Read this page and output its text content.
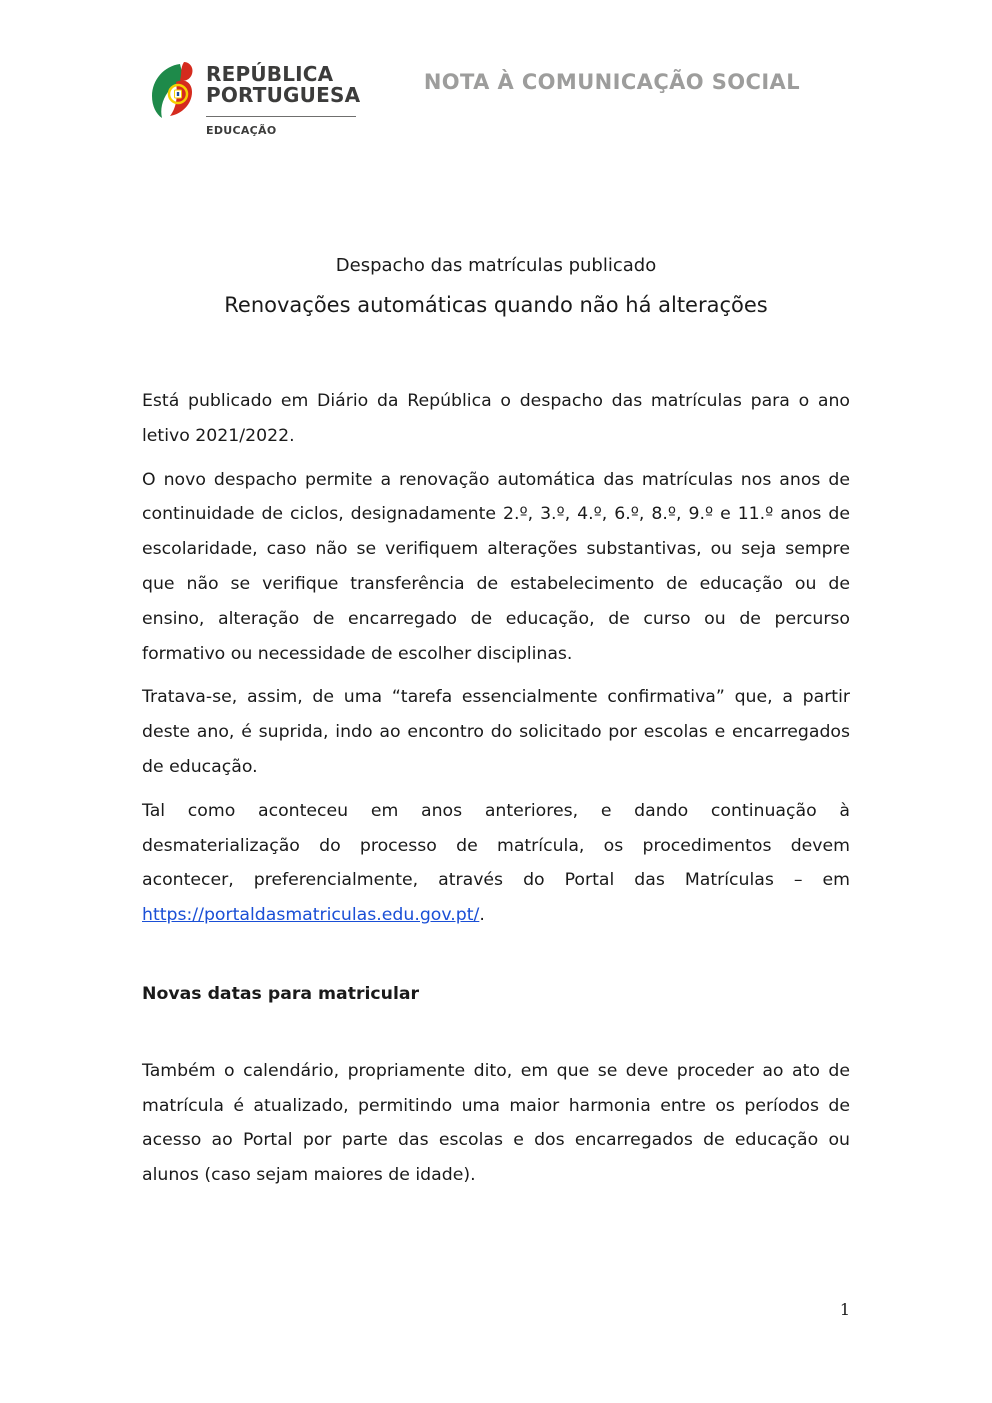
REPÚBLICA
PORTUGUESA
EDUCAÇÃO
NOTA À COMUNICAÇÃO SOCIAL
Despacho das matrículas publicado
Renovações automáticas quando não há alterações

Está publicado em Diário da República o despacho das matrículas para o ano letivo 2021/2022.

O novo despacho permite a renovação automática das matrículas nos anos de continuidade de ciclos, designadamente 2.º, 3.º, 4.º, 6.º, 8.º, 9.º e 11.º anos de escolaridade, caso não se verifiquem alterações substantivas, ou seja sempre que não se verifique transferência de estabelecimento de educação ou de ensino, alteração de encarregado de educação, de curso ou de percurso formativo ou necessidade de escolher disciplinas.

Tratava-se, assim, de uma “tarefa essencialmente confirmativa” que, a partir deste ano, é suprida, indo ao encontro do solicitado por escolas e encarregados de educação.

Tal como aconteceu em anos anteriores, e dando continuação à desmaterialização do processo de matrícula, os procedimentos devem acontecer, preferencialmente, através do Portal das Matrículas – em https://portaldasmatriculas.edu.gov.pt/.

Novas datas para matricular

Também o calendário, propriamente dito, em que se deve proceder ao ato de matrícula é atualizado, permitindo uma maior harmonia entre os períodos de acesso ao Portal por parte das escolas e dos encarregados de educação ou alunos (caso sejam maiores de idade).

1
